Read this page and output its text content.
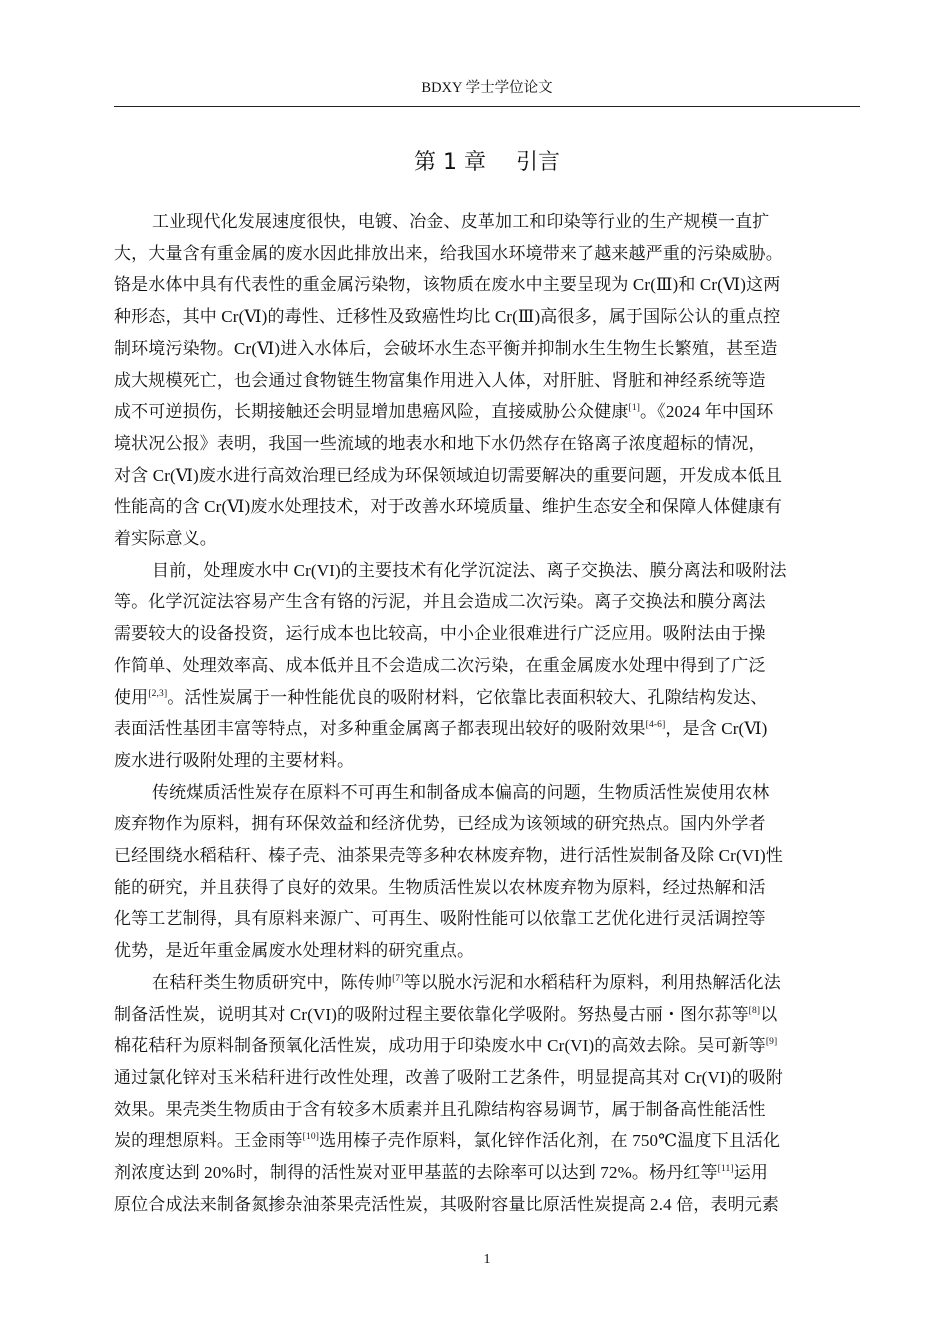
BDXY 学士学位论文
第 1 章 引言

工业现代化发展速度很快，电镀、冶金、皮革加工和印染等行业的生产规模一直扩
大，大量含有重金属的废水因此排放出来，给我国水环境带来了越来越严重的污染威胁。
铬是水体中具有代表性的重金属污染物，该物质在废水中主要呈现为 Cr(Ⅲ)和 Cr(Ⅵ)这两
种形态，其中 Cr(Ⅵ)的毒性、迁移性及致癌性均比 Cr(Ⅲ)高很多，属于国际公认的重点控
制环境污染物。Cr(Ⅵ)进入水体后，会破坏水生态平衡并抑制水生生物生长繁殖，甚至造
成大规模死亡，也会通过食物链生物富集作用进入人体，对肝脏、肾脏和神经系统等造
成不可逆损伤，长期接触还会明显增加患癌风险，直接威胁公众健康[1]。《2024 年中国环
境状况公报》表明，我国一些流域的地表水和地下水仍然存在铬离子浓度超标的情况，
对含 Cr(Ⅵ)废水进行高效治理已经成为环保领域迫切需要解决的重要问题，开发成本低且
性能高的含 Cr(Ⅵ)废水处理技术，对于改善水环境质量、维护生态安全和保障人体健康有
着实际意义。

目前，处理废水中 Cr(VI)的主要技术有化学沉淀法、离子交换法、膜分离法和吸附法
等。化学沉淀法容易产生含有铬的污泥，并且会造成二次污染。离子交换法和膜分离法
需要较大的设备投资，运行成本也比较高，中小企业很难进行广泛应用。吸附法由于操
作简单、处理效率高、成本低并且不会造成二次污染，在重金属废水处理中得到了广泛
使用[2,3]。活性炭属于一种性能优良的吸附材料，它依靠比表面积较大、孔隙结构发达、
表面活性基团丰富等特点，对多种重金属离子都表现出较好的吸附效果[4-6]，是含 Cr(Ⅵ)
废水进行吸附处理的主要材料。

传统煤质活性炭存在原料不可再生和制备成本偏高的问题，生物质活性炭使用农林
废弃物作为原料，拥有环保效益和经济优势，已经成为该领域的研究热点。国内外学者
已经围绕水稻秸秆、榛子壳、油茶果壳等多种农林废弃物，进行活性炭制备及除 Cr(VI)性
能的研究，并且获得了良好的效果。生物质活性炭以农林废弃物为原料，经过热解和活
化等工艺制得，具有原料来源广、可再生、吸附性能可以依靠工艺优化进行灵活调控等
优势，是近年重金属废水处理材料的研究重点。

在秸秆类生物质研究中，陈传帅[7]等以脱水污泥和水稻秸秆为原料，利用热解活化法
制备活性炭，说明其对 Cr(VI)的吸附过程主要依靠化学吸附。努热曼古丽・图尔荪等[8]以
棉花秸秆为原料制备预氧化活性炭，成功用于印染废水中 Cr(VI)的高效去除。吴可新等[9]
通过氯化锌对玉米秸秆进行改性处理，改善了吸附工艺条件，明显提高其对 Cr(VI)的吸附
效果。果壳类生物质由于含有较多木质素并且孔隙结构容易调节，属于制备高性能活性
炭的理想原料。王金雨等[10]选用榛子壳作原料，氯化锌作活化剂，在 750℃温度下且活化
剂浓度达到 20%时，制得的活性炭对亚甲基蓝的去除率可以达到 72%。杨丹红等[11]运用
原位合成法来制备氮掺杂油茶果壳活性炭，其吸附容量比原活性炭提高 2.4 倍，表明元素

1
